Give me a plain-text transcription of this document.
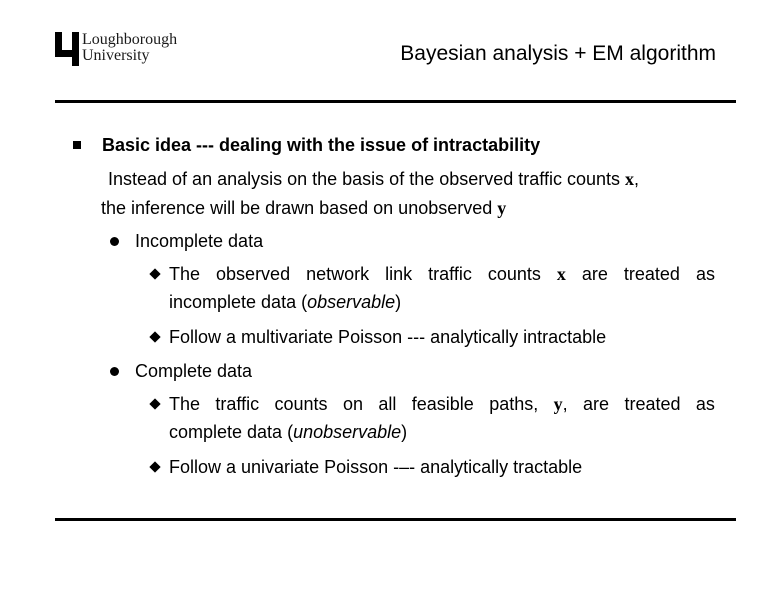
Loughborough
University	Bayesian analysis + EM algorithm
Basic idea --- dealing with the issue of intractability
Instead of an analysis on the basis of the observed traffic counts x,
the inference will be drawn based on unobserved y
Incomplete data
The observed network link traffic counts x are treated as
incomplete data (observable)
Follow a multivariate Poisson --- analytically intractable
Complete data
The traffic counts on all feasible paths, y, are treated as
complete data (unobservable)
Follow a univariate Poisson -–- analytically tractable
